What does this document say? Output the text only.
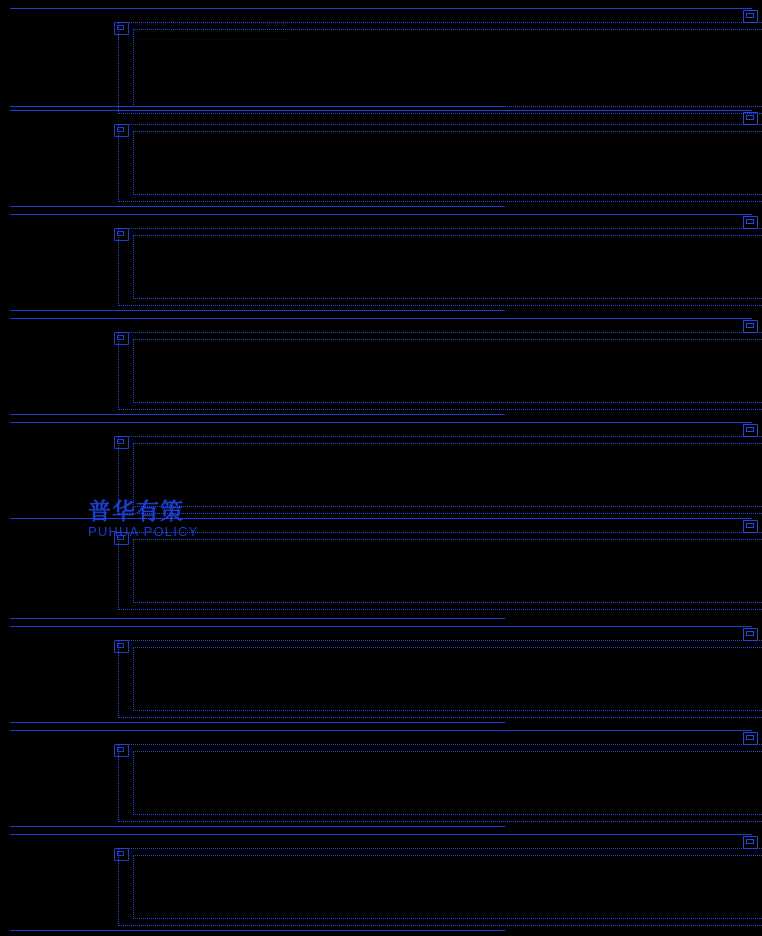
··· ···· ·· ···· ··· ···· ····· ···· ·· ··· ···· ···· ···· ···· ··· ···· ··· ····
··· ···· ·· ···· ··· ···· ····· ···· ·· ··· ···· ···· ···· ···· ··· ···· ··· ····
··· ···· ·· ···· ··· ···· ····· ···· ·· ··· ···· ···· ···· ···· ··· ···· ··· ····
普华有策
PUHUA POLICY
